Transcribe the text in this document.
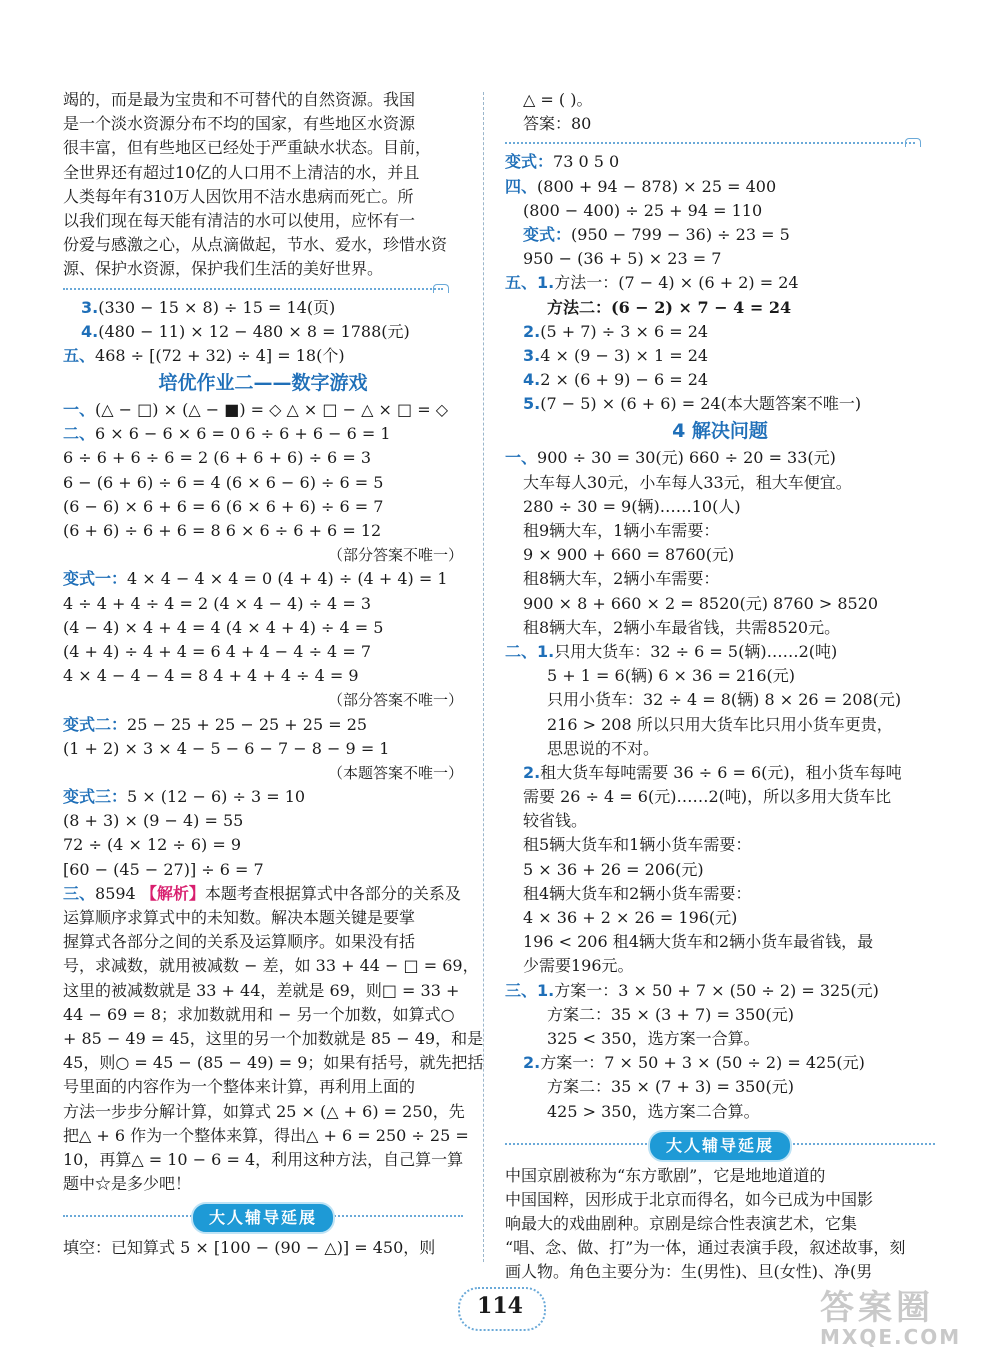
竭的，而是最为宝贵和不可替代的自然资源。我国
是一个淡水资源分布不均的国家，有些地区水资源
很丰富，但有些地区已经处于严重缺水状态。目前，
全世界还有超过10亿的人口用不上清洁的水，并且
人类每年有310万人因饮用不洁水患病而死亡。所
以我们现在每天能有清洁的水可以使用，应怀有一
份爱与感激之心，从点滴做起，节水、爱水，珍惜水资
源、保护水资源，保护我们生活的美好世界。
3.(330 − 15 × 8) ÷ 15 = 14(页)
4.(480 − 11) × 12 − 480 × 8 = 1788(元)
五、468 ÷ [(72 + 32) ÷ 4] = 18(个)
培优作业二——数字游戏
一、(△ − □) × (△ − ■) = ◇ △ × □ − △ × □ = ◇
二、6 × 6 − 6 × 6 = 0 6 ÷ 6 + 6 − 6 = 1
6 ÷ 6 + 6 ÷ 6 = 2 (6 + 6 + 6) ÷ 6 = 3
6 − (6 + 6) ÷ 6 = 4 (6 × 6 − 6) ÷ 6 = 5
(6 − 6) × 6 + 6 = 6 (6 × 6 + 6) ÷ 6 = 7
(6 + 6) ÷ 6 + 6 = 8 6 × 6 ÷ 6 + 6 = 12
（部分答案不唯一）
变式一：4 × 4 − 4 × 4 = 0 (4 + 4) ÷ (4 + 4) = 1
4 ÷ 4 + 4 ÷ 4 = 2 (4 × 4 − 4) ÷ 4 = 3
(4 − 4) × 4 + 4 = 4 (4 × 4 + 4) ÷ 4 = 5
(4 + 4) ÷ 4 + 4 = 6 4 + 4 − 4 ÷ 4 = 7
4 × 4 − 4 − 4 = 8 4 + 4 + 4 ÷ 4 = 9
（部分答案不唯一）
变式二：25 − 25 + 25 − 25 + 25 = 25
(1 + 2) × 3 × 4 − 5 − 6 − 7 − 8 − 9 = 1
（本题答案不唯一）
变式三：5 × (12 − 6) ÷ 3 = 10
(8 + 3) × (9 − 4) = 55
72 ÷ (4 × 12 ÷ 6) = 9
[60 − (45 − 27)] ÷ 6 = 7
三、8594 【解析】本题考查根据算式中各部分的关系及
运算顺序求算式中的未知数。解决本题关键是要掌
握算式各部分之间的关系及运算顺序。如果没有括
号，求减数，就用被减数 − 差，如 33 + 44 − □ = 69，
这里的被减数就是 33 + 44，差就是 69，则□ = 33 +
44 − 69 = 8；求加数就用和 − 另一个加数，如算式○
+ 85 − 49 = 45，这里的另一个加数就是 85 − 49，和是
45，则○ = 45 − (85 − 49) = 9；如果有括号，就先把括
号里面的内容作为一个整体来计算，再利用上面的
方法一步步分解计算，如算式 25 × (△ + 6) = 250，先
把△ + 6 作为一个整体来算，得出△ + 6 = 250 ÷ 25 =
10，再算△ = 10 − 6 = 4，利用这种方法，自己算一算
题中☆是多少吧！
大人辅导延展
填空：已知算式 5 × [100 − (90 − △)] = 450，则
△ = ( )。
答案：80
变式：73 0 5 0
四、(800 + 94 − 878) × 25 = 400
(800 − 400) ÷ 25 + 94 = 110
变式：(950 − 799 − 36) ÷ 23 = 5
950 − (36 + 5) × 23 = 7
五、1.方法一：(7 − 4) × (6 + 2) = 24
方法二：(6 − 2) × 7 − 4 = 24
2.(5 + 7) ÷ 3 × 6 = 24
3.4 × (9 − 3) × 1 = 24
4.2 × (6 + 9) − 6 = 24
5.(7 − 5) × (6 + 6) = 24(本大题答案不唯一)
4 解决问题
一、900 ÷ 30 = 30(元) 660 ÷ 20 = 33(元)
大车每人30元，小车每人33元，租大车便宜。
280 ÷ 30 = 9(辆)……10(人)
租9辆大车，1辆小车需要：
9 × 900 + 660 = 8760(元)
租8辆大车，2辆小车需要：
900 × 8 + 660 × 2 = 8520(元) 8760 > 8520
租8辆大车，2辆小车最省钱，共需8520元。
二、1.只用大货车：32 ÷ 6 = 5(辆)……2(吨)
5 + 1 = 6(辆) 6 × 36 = 216(元)
只用小货车：32 ÷ 4 = 8(辆) 8 × 26 = 208(元)
216 > 208 所以只用大货车比只用小货车更贵，
思思说的不对。
2.租大货车每吨需要 36 ÷ 6 = 6(元)，租小货车每吨
需要 26 ÷ 4 = 6(元)……2(吨)，所以多用大货车比
较省钱。
租5辆大货车和1辆小货车需要：
5 × 36 + 26 = 206(元)
租4辆大货车和2辆小货车需要：
4 × 36 + 2 × 26 = 196(元)
196 < 206 租4辆大货车和2辆小货车最省钱，最
少需要196元。
三、1.方案一：3 × 50 + 7 × (50 ÷ 2) = 325(元)
方案二：35 × (3 + 7) = 350(元)
325 < 350，选方案一合算。
2.方案一：7 × 50 + 3 × (50 ÷ 2) = 425(元)
方案二：35 × (7 + 3) = 350(元)
425 > 350，选方案二合算。
大人辅导延展
中国京剧被称为“东方歌剧”，它是地地道道的
中国国粹，因形成于北京而得名，如今已成为中国影
响最大的戏曲剧种。京剧是综合性表演艺术，它集
“唱、念、做、打”为一体，通过表演手段，叙述故事，刻
画人物。角色主要分为：生(男性)、旦(女性)、净(男
114	答案圈
MXQE.COM
